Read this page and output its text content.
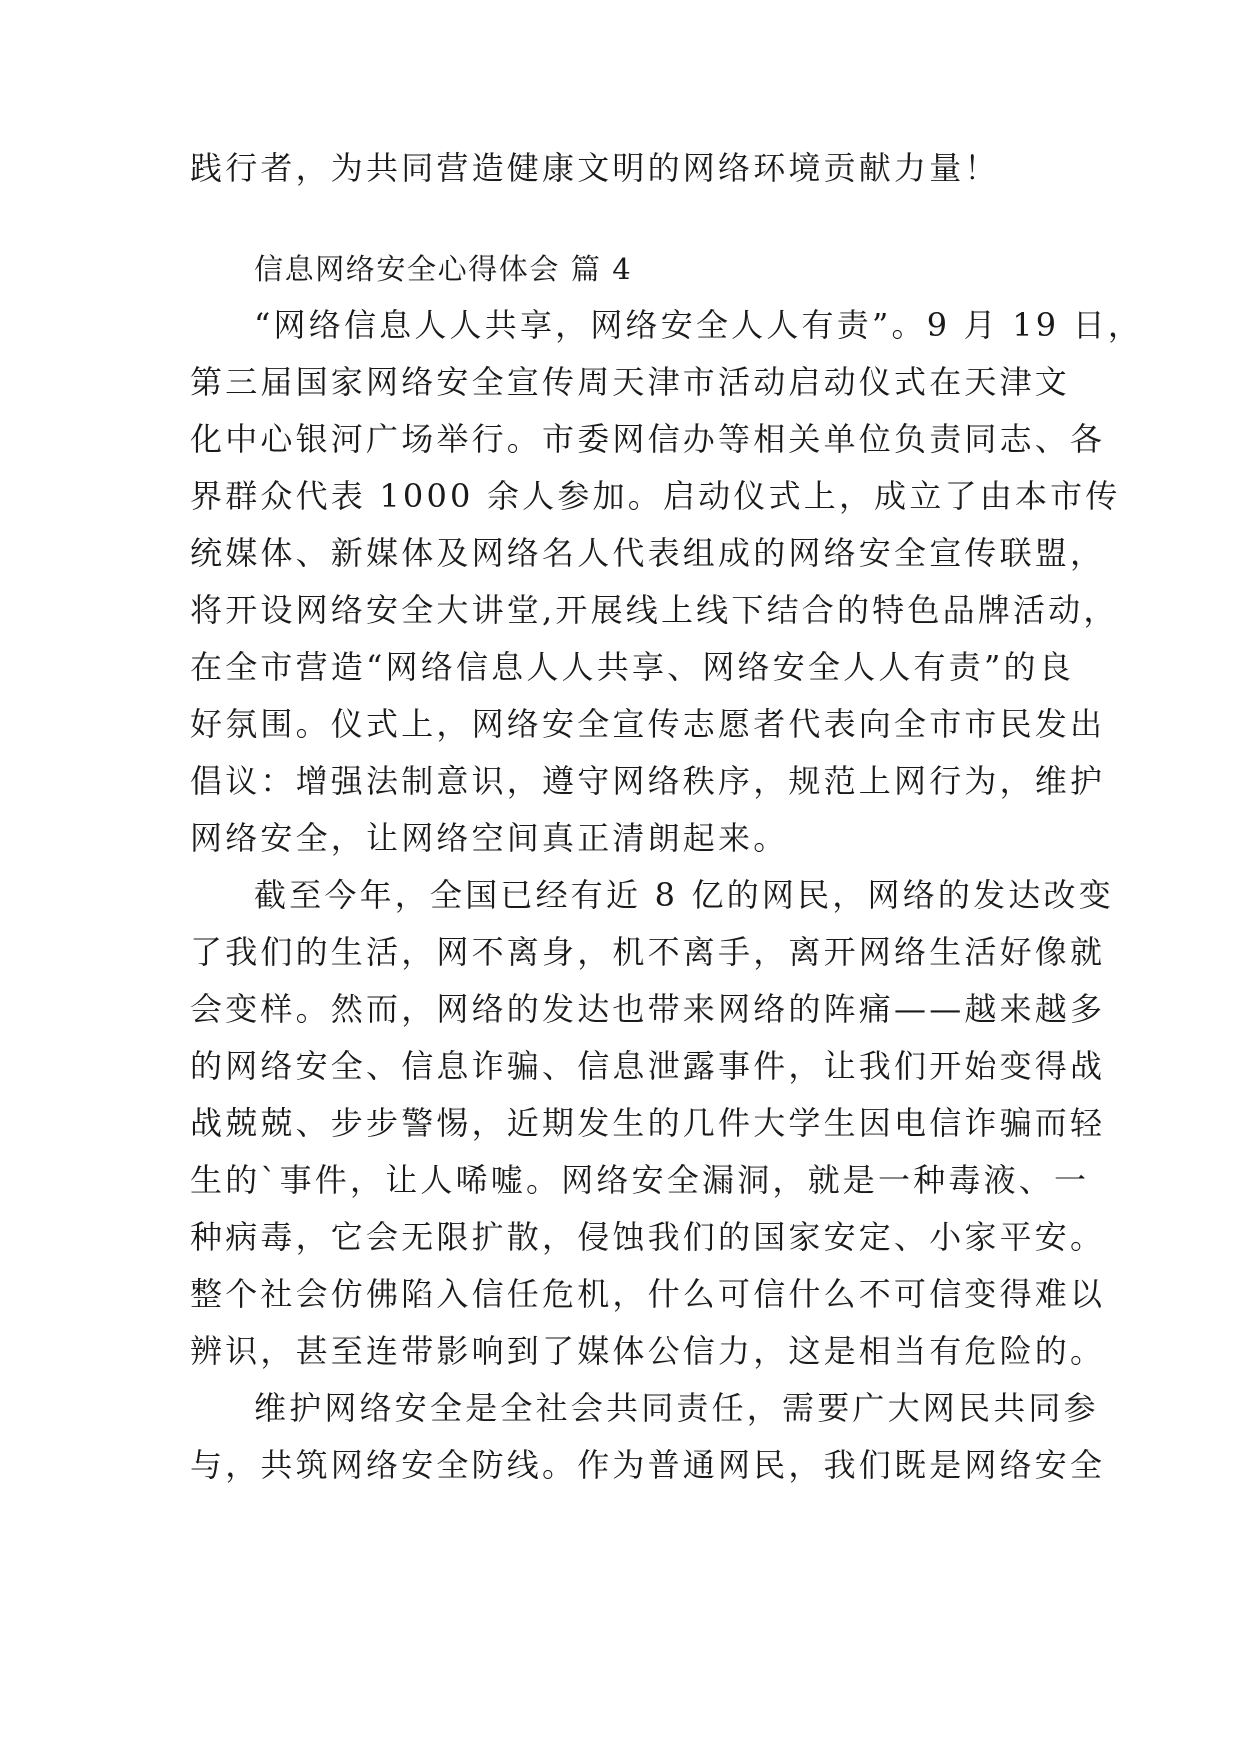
践行者，为共同营造健康文明的网络环境贡献力量！
信息网络安全心得体会 篇 4
“网络信息人人共享，网络安全人人有责”。9 月 19 日，
第三届国家网络安全宣传周天津市活动启动仪式在天津文
化中心银河广场举行。市委网信办等相关单位负责同志、各
界群众代表 1000 余人参加。启动仪式上，成立了由本市传
统媒体、新媒体及网络名人代表组成的网络安全宣传联盟，
将开设网络安全大讲堂,开展线上线下结合的特色品牌活动，
在全市营造“网络信息人人共享、网络安全人人有责”的良
好氛围。仪式上，网络安全宣传志愿者代表向全市市民发出
倡议：增强法制意识，遵守网络秩序，规范上网行为，维护
网络安全，让网络空间真正清朗起来。
截至今年，全国已经有近 8 亿的网民，网络的发达改变
了我们的生活，网不离身，机不离手，离开网络生活好像就
会变样。然而，网络的发达也带来网络的阵痛——越来越多
的网络安全、信息诈骗、信息泄露事件，让我们开始变得战
战兢兢、步步警惕，近期发生的几件大学生因电信诈骗而轻
生的`事件，让人唏嘘。网络安全漏洞，就是一种毒液、一
种病毒，它会无限扩散，侵蚀我们的国家安定、小家平安。
整个社会仿佛陷入信任危机，什么可信什么不可信变得难以
辨识，甚至连带影响到了媒体公信力，这是相当有危险的。
维护网络安全是全社会共同责任，需要广大网民共同参
与，共筑网络安全防线。作为普通网民，我们既是网络安全
